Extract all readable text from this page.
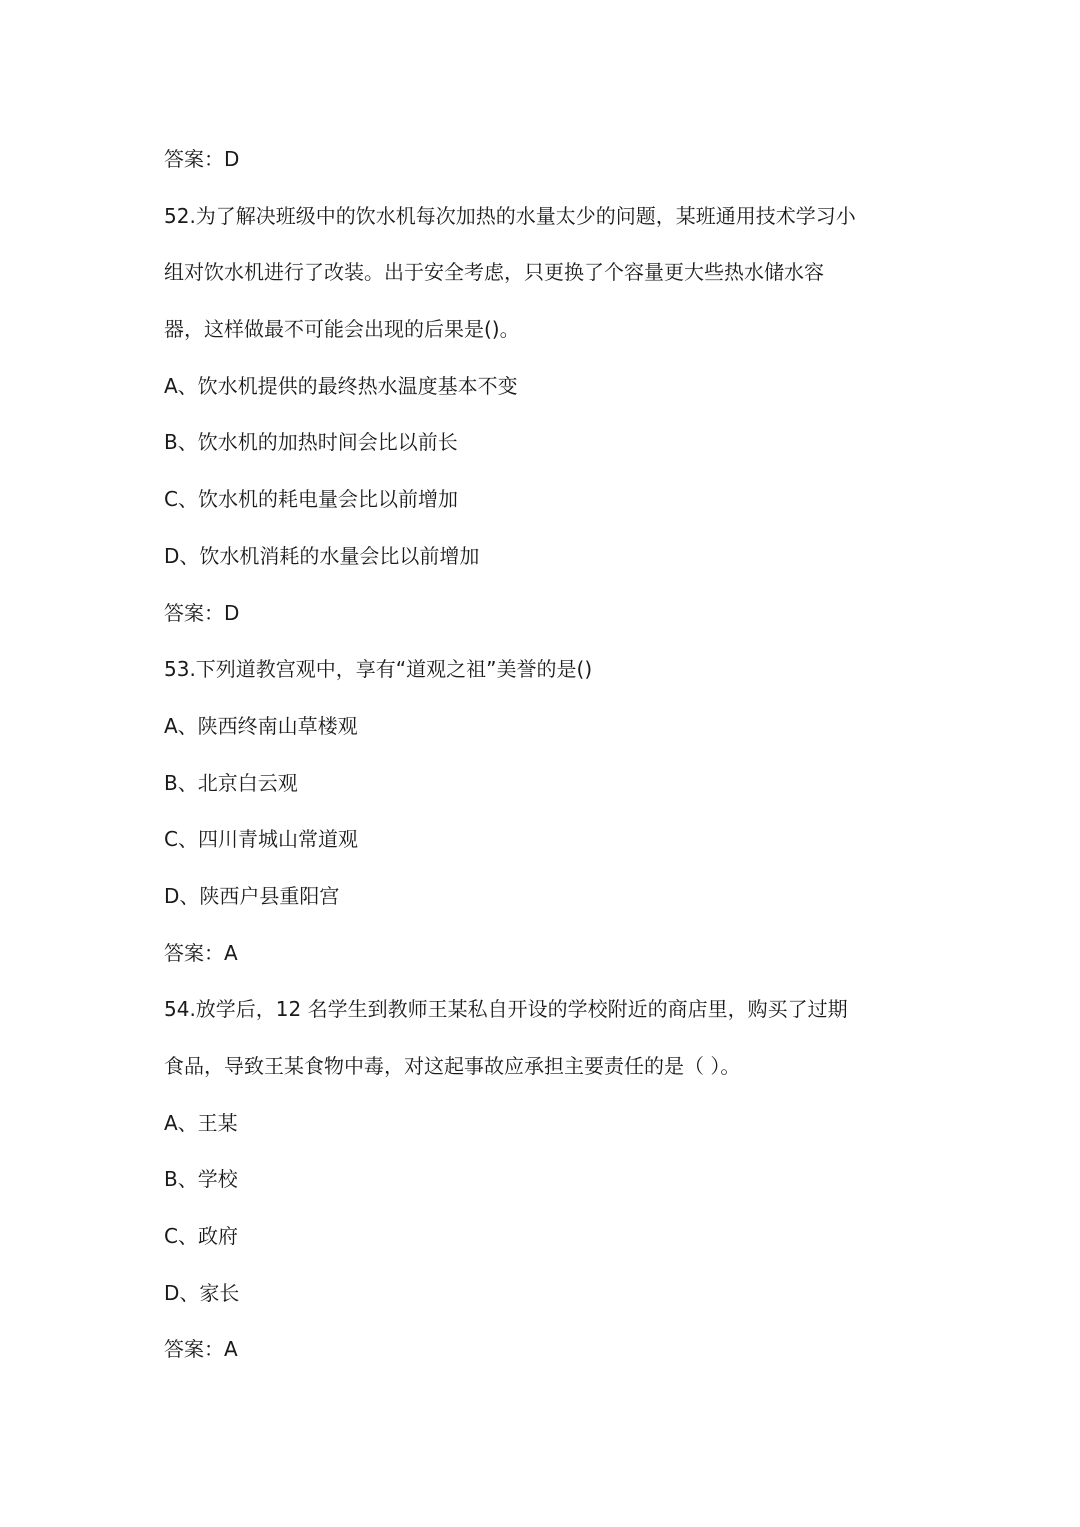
答案：D
52.为了解决班级中的饮水机每次加热的水量太少的问题，某班通用技术学习小
组对饮水机进行了改装。出于安全考虑，只更换了个容量更大些热水储水容
器，这样做最不可能会出现的后果是()。
A、饮水机提供的最终热水温度基本不变
B、饮水机的加热时间会比以前长
C、饮水机的耗电量会比以前增加
D、饮水机消耗的水量会比以前增加
答案：D
53.下列道教宫观中，享有“道观之祖”美誉的是()
A、陕西终南山草楼观
B、北京白云观
C、四川青城山常道观
D、陕西户县重阳宫
答案：A
54.放学后，12 名学生到教师王某私自开设的学校附近的商店里，购买了过期
食品，导致王某食物中毒，对这起事故应承担主要责任的是（ ）。
A、王某
B、学校
C、政府
D、家长
答案：A
